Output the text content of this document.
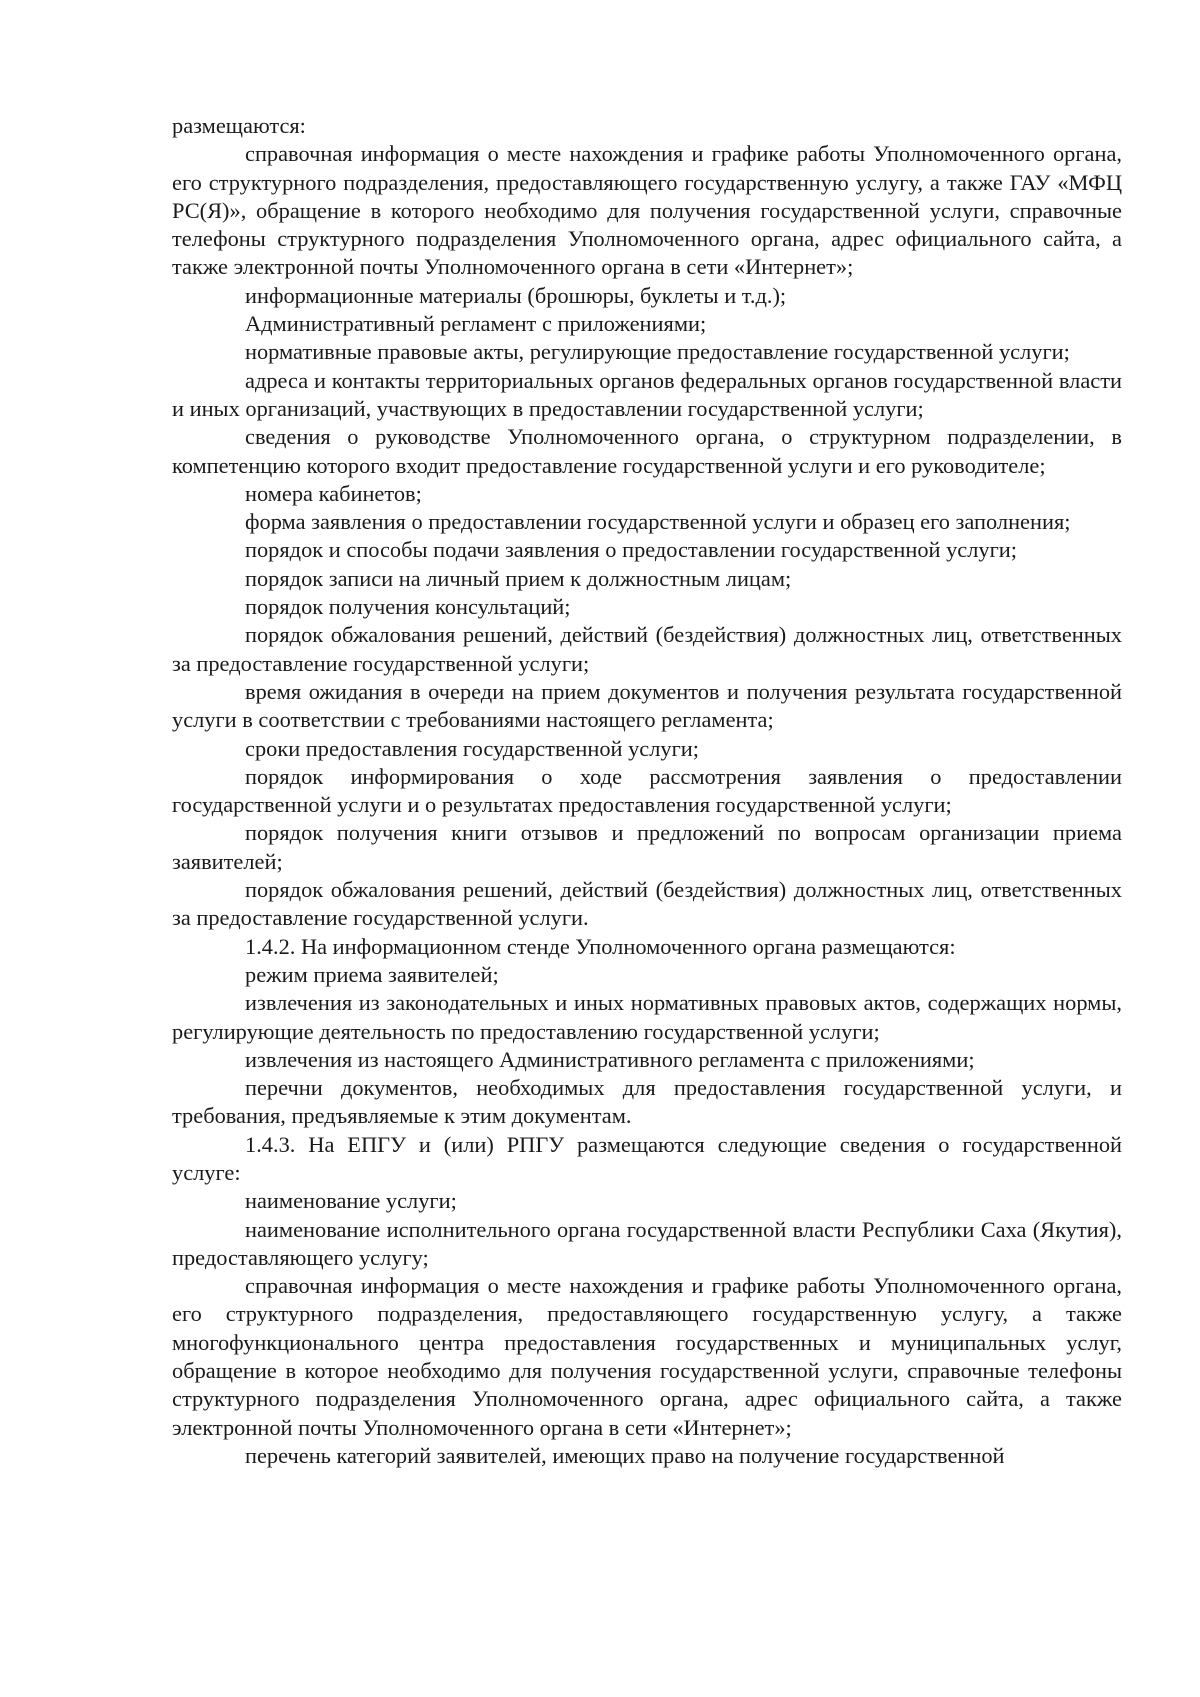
размещаются:

справочная информация о месте нахождения и графике работы Уполномоченного органа, его структурного подразделения, предоставляющего государственную услугу, а также ГАУ «МФЦ РС(Я)», обращение в которого необходимо для получения государственной услуги, справочные телефоны структурного подразделения Уполномоченного органа, адрес официального сайта, а также электронной почты Уполномоченного органа в сети «Интернет»;

информационные материалы (брошюры, буклеты и т.д.);

Административный регламент с приложениями;

нормативные правовые акты, регулирующие предоставление государственной услуги;

адреса и контакты территориальных органов федеральных органов государственной власти и иных организаций, участвующих в предоставлении государственной услуги;

сведения о руководстве Уполномоченного органа, о структурном подразделении, в компетенцию которого входит предоставление государственной услуги и его руководителе;

номера кабинетов;

форма заявления о предоставлении государственной услуги и образец его заполнения;

порядок и способы подачи заявления о предоставлении государственной услуги;

порядок записи на личный прием к должностным лицам;

порядок получения консультаций;

порядок обжалования решений, действий (бездействия) должностных лиц, ответственных за предоставление государственной услуги;

время ожидания в очереди на прием документов и получения результата государственной услуги в соответствии с требованиями настоящего регламента;

сроки предоставления государственной услуги;

порядок информирования о ходе рассмотрения заявления о предоставлении государственной услуги и о результатах предоставления государственной услуги;

порядок получения книги отзывов и предложений по вопросам организации приема заявителей;

порядок обжалования решений, действий (бездействия) должностных лиц, ответственных за предоставление государственной услуги.

1.4.2. На информационном стенде Уполномоченного органа размещаются:

режим приема заявителей;

извлечения из законодательных и иных нормативных правовых актов, содержащих нормы, регулирующие деятельность по предоставлению государственной услуги;

извлечения из настоящего Административного регламента с приложениями;

перечни документов, необходимых для предоставления государственной услуги, и требования, предъявляемые к этим документам.

1.4.3. На ЕПГУ и (или) РПГУ размещаются следующие сведения о государственной услуге:

наименование услуги;

наименование исполнительного органа государственной власти Республики Саха (Якутия), предоставляющего услугу;

справочная информация о месте нахождения и графике работы Уполномоченного органа, его структурного подразделения, предоставляющего государственную услугу, а также многофункционального центра предоставления государственных и муниципальных услуг, обращение в которое необходимо для получения государственной услуги, справочные телефоны структурного подразделения Уполномоченного органа, адрес официального сайта, а также электронной почты Уполномоченного органа в сети «Интернет»;

перечень категорий заявителей, имеющих право на получение государственной
